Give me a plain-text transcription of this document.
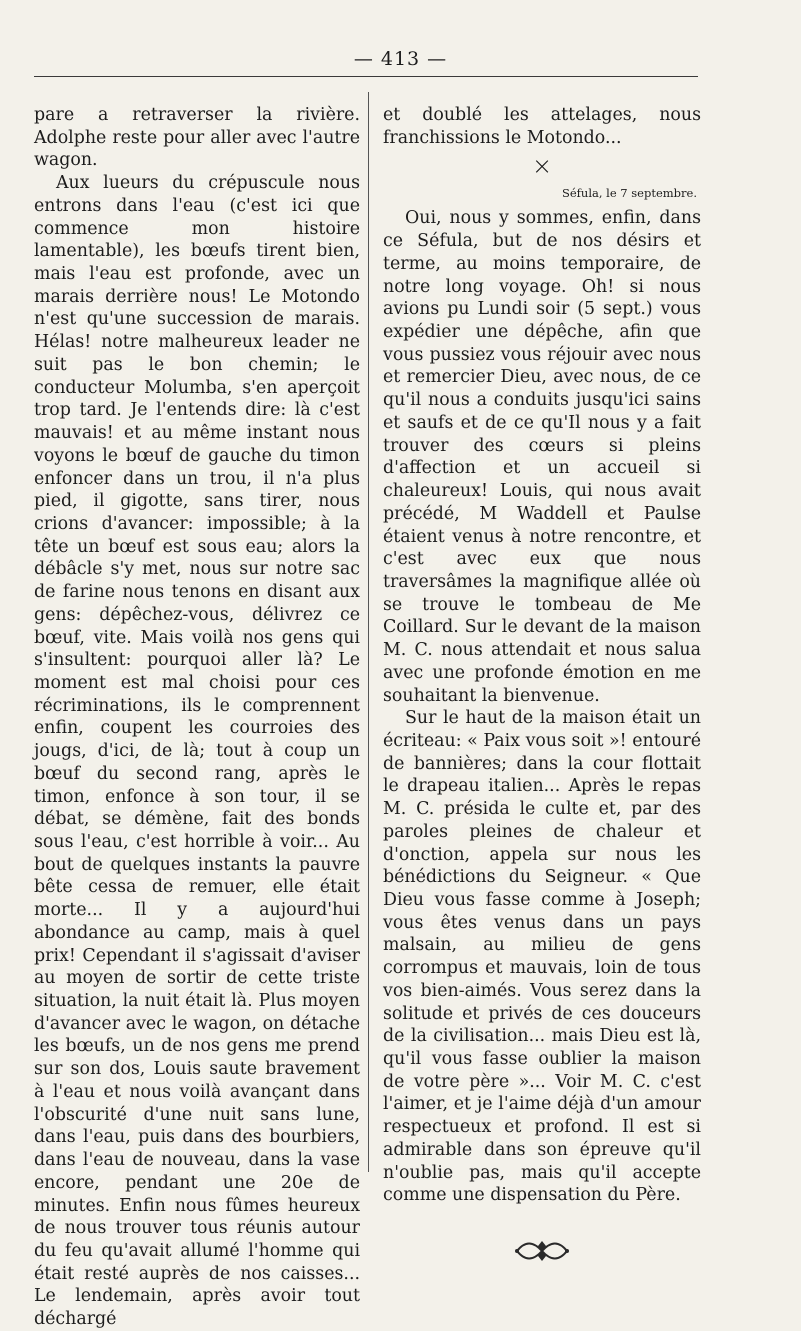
— 413 —

pare a retraverser la rivière. Adolphe reste pour aller avec l'autre wagon.

Aux lueurs du crépuscule nous entrons dans l'eau (c'est ici que commence mon histoire lamentable), les bœufs tirent bien, mais l'eau est profonde, avec un marais derrière nous! Le Motondo n'est qu'une succession de marais. Hélas! notre malheureux leader ne suit pas le bon chemin; le conducteur Molumba, s'en aperçoit trop tard. Je l'entends dire: là c'est mauvais! et au même instant nous voyons le bœuf de gauche du timon enfoncer dans un trou, il n'a plus pied, il gigotte, sans tirer, nous crions d'avancer: impossible; à la tête un bœuf est sous eau; alors la débâcle s'y met, nous sur notre sac de farine nous tenons en disant aux gens: dépêchez-vous, délivrez ce bœuf, vite. Mais voilà nos gens qui s'insultent: pourquoi aller là? Le moment est mal choisi pour ces récriminations, ils le comprennent enfin, coupent les courroies des jougs, d'ici, de là; tout à coup un bœuf du second rang, après le timon, enfonce à son tour, il se débat, se démène, fait des bonds sous l'eau, c'est horrible à voir... Au bout de quelques instants la pauvre bête cessa de remuer, elle était morte... Il y a aujourd'hui abondance au camp, mais à quel prix! Cependant il s'agissait d'aviser au moyen de sortir de cette triste situation, la nuit était là. Plus moyen d'avancer avec le wagon, on détache les bœufs, un de nos gens me prend sur son dos, Louis saute bravement à l'eau et nous voilà avançant dans l'obscurité d'une nuit sans lune, dans l'eau, puis dans des bourbiers, dans l'eau de nouveau, dans la vase encore, pendant une 20e de minutes. Enfin nous fûmes heureux de nous trouver tous réunis autour du feu qu'avait allumé l'homme qui était resté auprès de nos caisses... Le lendemain, après avoir tout déchargé

et doublé les attelages, nous franchissions le Motondo...

×
Séfula, le 7 septembre.

Oui, nous y sommes, enfin, dans ce Séfula, but de nos désirs et terme, au moins temporaire, de notre long voyage. Oh! si nous avions pu Lundi soir (5 sept.) vous expédier une dépêche, afin que vous pussiez vous réjouir avec nous et remercier Dieu, avec nous, de ce qu'il nous a conduits jusqu'ici sains et saufs et de ce qu'Il nous y a fait trouver des cœurs si pleins d'affection et un accueil si chaleureux! Louis, qui nous avait précédé, M Waddell et Paulse étaient venus à notre rencontre, et c'est avec eux que nous traversâmes la magnifique allée où se trouve le tombeau de Me Coillard. Sur le devant de la maison M. C. nous attendait et nous salua avec une profonde émotion en me souhaitant la bienvenue.

Sur le haut de la maison était un écriteau: « Paix vous soit »! entouré de bannières; dans la cour flottait le drapeau italien... Après le repas M. C. présida le culte et, par des paroles pleines de chaleur et d'onction, appela sur nous les bénédictions du Seigneur. « Que Dieu vous fasse comme à Joseph; vous êtes venus dans un pays malsain, au milieu de gens corrompus et mauvais, loin de tous vos bien-aimés. Vous serez dans la solitude et privés de ces douceurs de la civilisation... mais Dieu est là, qu'il vous fasse oublier la maison de votre père »... Voir M. C. c'est l'aimer, et je l'aime déjà d'un amour respectueux et profond. Il est si admirable dans son épreuve qu'il n'oublie pas, mais qu'il accepte comme une dispensation du Père.
